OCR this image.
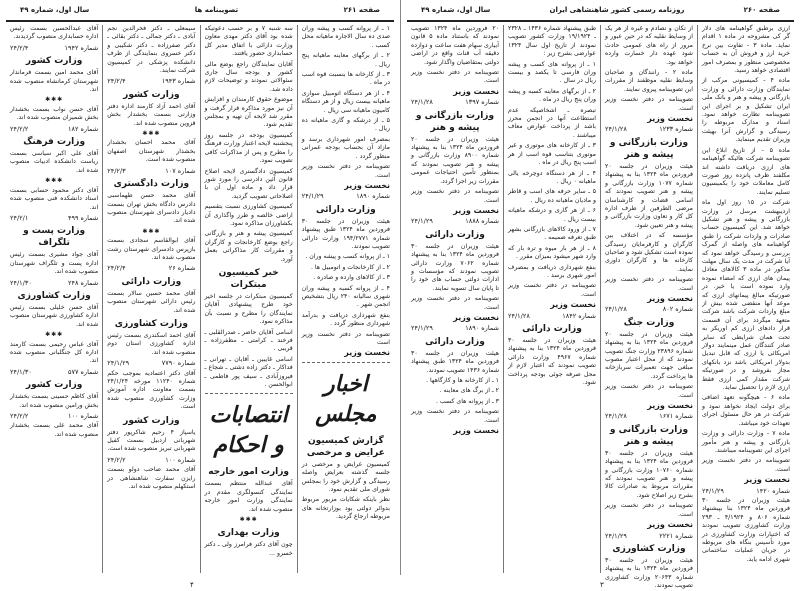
صفحه ۲۶۰
روزنامه رسمی کشور شاهنشاهی ایران
سال اول، شماره ۴۹

ارزی برطبق گواهینامه های دلار گر کی مشروحه در ماده ۱ اقدام نماید. ماده ۳ - تفاوت بین نرخ خرید ارز و فروش آن به حساب مخصوصی منظور و بمصرف امور اقتصادی خواهد رسید.

ماده ۴ - کمیسیونی مرکب از نمایندگان وزارت دارائی و وزارت بازرگانی و پیشه و هنر و بانک ملی ایران تشکیل و بر اجرای این تصویبنامه نظارت خواهد نمود. اسناد و مدارک مربوطه را رسیدگی و گزارش آنرا بهیئت وزیران تقدیم مینماید.

ماده ۵ - از تاریخ ابلاغ این تصویبنامه شرکت هائیکه گواهینامه های ارزی دریافت داشته اند مکلفند ظرف پانزده روز صورت کامل معاملات خود را بکمیسیون تسلیم نمایند.

شرکت در ۱۵ روز اول ماه اردیبهشت مرسل در وزارت بازرگانی و پیشه و هنر تشکیل خواهد شد. این کمیسیون حساب صادرات و واردات شرکت را طبق گواهینامه های واصله از گمرک بررسی و رسیدگی خواهد نمود که آیا شرکت در مدت یک سال مهلت مذکور در ماده ۳ کالاهای معادل پیمان های ارزی که امضاء نموده وارد نموده است یا خیر. در صورتیکه مبالغ پیمانهای ارزی که موعد آنها منقضی شده بیش از مبلغ واردات شرکت باشد شرکت متعهد میگردد برای آن قسمت قرار دادهای ارزی کم اوریکر به تحت همان شرایطی که سایر صادر کنندگان عمل مینمایند دولار امریکائی یا ارزی که قابل تبدیل بدولار امریکائی باشد نزد بانکهای مجاز بفروشد و در صورتیکه شرکت مقدار کمی ارزی فقط ارزی لازم را تحصیل نماید.

ماده ۶ - هیچگونه تعهد اضافی برای دولت ایجاد نخواهد نمود و شرکت در هر حال مسئول اجرای تعهدات خود میباشد.

ماده ۷ - وزارت دارائی و وزارت بازرگانی و پیشه و هنر مأمور اجرای این تصویبنامه میباشند.

تصویبنامه در دفتر نخست وزیر است.

نخست وزیر
شماره ۱۴۲۰
۲۴/۱/۲۹

هیئت وزیران در جلسه ۳۰ فروردین ماه ۱۳۲۴ بنا بپیشنهاد شماره ۸۰۶ و ۴/۱۹۲۴ ـ ۲۹۳ وزارت کشاورزی تصویب نمودند که اختیارات وزارت کشاورزی در مورد تأسیس بنگاه های مربوطه در جریان عملیات ساختمانی شهری ادامه یابد.

از تکان و تصادم و غیره از هر یک از وسایط نقلیه که در حین عبور و مرور از راه های عمومی حادث شود عهده دار خسارت وارده خواهد بود.

ماده ۲ - رانندگان و صاحبان وسایط نقلیه موظفند از مقررات این تصویبنامه پیروی نمایند.

تصویبنامه در دفتر نخست وزیر است.

نخست وزیر
شماره ۱۲۳۳
۲۴/۱/۲۸
وزارت بازرگانی و پیشه و هنر

هیئت وزیران در جلسه ۲۰ فروردین ماه ۱۳۲۴ بنا به پیشنهاد شماره ۱۰۷۷ وزارت بازرگانی و پیشه و هنر تصویب نمودند که اسامی قضات و کارشناسان مرضی الطرفین از طرف اداره کل کار و تعاون وزارت بازرگانی و پیشه و هنر تعیین شود.

مؤسسه که در اختلاف بین کارگران و کارفرمایان رسیدگی نموده است تشکیل شود و صاحبان کارخانه ها و کارگران داوری نمایند.

تصویبنامه در دفتر نخست وزیر است.

نخست وزیر
شماره ۸۰۲
۲۴/۱/۲۸
وزارت جنگ

هیئت وزیران در جلسه ۲۰ فروردین ماه ۱۳۲۴ بنا به پیشنهاد شماره ۲۳۸۹۶ وزارت جنگ تصویب نمودند که از محل اعتبار مصوب مبلغی جهت تعمیرات سربازخانه ها پرداخت گردد.

تصویبنامه در دفتر نخست وزیر است.

نخست وزیر
شماره ۱۶۷۱
۲۴/۱/۲۸
وزارت بازرگانی و پیشه و هنر

هیئت وزیران در جلسه ۳۰ فروردین ماه ۱۳۲۴ بنا به پیشنهاد شماره ۱۰۷۶۰ وزارت بازرگانی و پیشه و هنر تصویب نمودند که مقررات مربوط به صادرات کالا بشرح زیر اصلاح شود.

تصویبنامه در دفتر نخست وزیر است.

نخست وزیر
شماره ۲۲۲۱
۲۴/۱/۲۹
وزارت کشاورزی

هیئت وزیران در جلسه ۳۰ فروردین ماه ۱۳۲۴ بنا به پیشنهاد شماره ۲۰۶۴۳ وزارت کشاورزی تصویب نمودند.

طبق پیشنهاد شماره ۱۴۳۶ ـ ۲۳۲۸ ـ ۱۹/۱۹۲۴ وزارت کشور تصویب نمودند از تاریخ اول سال ۱۳۲۴ عوارضی بشرح زیر :

۱ ـ از پروانه های کسب و پیشه وران فارسی تا یکصد و بیست ریال در سال .

۲ ـ از برگهای معاینه کسبه و پیشه وران پنج ریال در ماه .

تبصره ـ اشخاصیکه عدم استطاعت آنها در انجمن محرز باشد از پرداخت عوارض معاف میباشند .

۳ ـ از کارخانه های موتوری و غیر موتوری بتناسب قوه اسب از هر اسب پنج ریال در ماه .

۴ ـ از هر دستگاه دوچرخه یالی ماهیانه ۰ ریال .

۵ ـ سایر حرفه های اسب و قاطر و مادیان ماهیانه ده ریال .

۶ ـ از هر گاری و درشکه ماهیانه بیست ریال .

۷ ـ از ورود کالاهای بازرگانی بشهر طبق تعرفه ضمیمه .

۸ ـ از هر بار میوه و تره بار که وارد شهر میشود بمیزان مقرر .

بنفع شهرداری دریافت و بمصرف امور شهری برسد .

تصویبنامه در دفتر نخست وزیر است.

نخست وزیر
شماره ۱۸۴۲
۲۴/۱/۲۸
وزارت دارائی

هیئت وزیران در جلسه ۳۰ فروردین ماه ۱۳۲۴ بنا به پیشنهاد شماره ۴۹۶۷ وزارت دارائی تصویب نمودند که اعتبار لازم از محل صرفه جوئی بودجه پرداخت شود.

۲۰ فروردین ماه ۱۳۲۴ تصویب نمودند که باستناد ماده ۵ قانون آبیاری سهام هفت ساعت و دوازده دقیقه آب قنات واقع در اراضی دولتی بمتقاضیان واگذار شود.

تصویبنامه در دفتر نخست وزیر است.

نخست وزیر
شماره ۱۳۹۷
۲۴/۱/۲۸
وزارت بازرگانی و پیشه و هنر

هیئت وزیران در جلسه ۲۰ فروردین ماه ۱۳۲۴ بنا به پیشنهاد شماره ۸۹۰۰ وزارت بازرگانی و پیشه و هنر تصویب نمودند که بمنظور تأمین احتیاجات عمومی مقررات زیر اجرا گردد.

تصویبنامه در دفتر نخست وزیر است.

نخست وزیر
شماره ۱۸۸۸
۲۴/۱/۲۹
وزارت دارائی

هیئت وزیران در جلسه ۳۰ فروردین ماه ۱۳۲۴ بنا به پیشنهاد شماره ۷۰۶۲ وزارت دارائی تصویب نمودند که مؤسسات و ادارات دولتی حساب های خود را تا پایان سال تسویه نمایند.

تصویبنامه در دفتر نخست وزیر است.

نخست وزیر
شماره ۱۸۹۰
۲۴/۱/۲۹
وزارت دارائی

هیئت وزیران در جلسه ۳۰ فروردین ماه ۱۳۲۴ طبق پیشنهاد شماره ۱۴۳۶ تصویب نمودند.

۱ ـ از کارخانه ها و کارگاهها .

۲ ـ از برگ های معاینه .

۳ ـ از پروانه های کسب .

تصویبنامه در دفتر نخست وزیر است.

نخست وزیر
صفحه ۲۶۱
تصویبنامه ها
سال اول، شماره ۴۹

۱ ـ از پروانه کسب و پیشه وران صدی ده سال الاجاره ماهیانه محل کسب .

۲ ـ از برگهای معاینه ماهیانه پنج ریال .

۳ ـ از کارخانه ها بنسبت قوه اسب در ماه .

۴ ـ از هر دستگاه اتومبیل سواری ماهیانه بیست ریال و از هر دستگاه کامیون ماهیانه سی ریال .

۵ ـ از درشکه و گاری ماهیانه ده ریال .

بمصرف امور شهرداری برسد و مازاد آن بحساب بودجه عمرانی منظور گردد .

تصویبنامه در دفتر نخست وزیر است.

نخست وزیر
شماره ۱۸۹۰
۲۴/۱/۲۹
وزارت دارائی

هیئت وزیران در جلسه ۳۰ فروردین ماه ۱۳۲۴ طبق پیشنهاد شماره ۱۹۴/۲۷۷۱ وزارت دارائی تصویب نمودند.

۱ ـ از پروانه کسب و پیشه وران .

۲ ـ از کارخانجات و اتومبیل ها .

۳ ـ از کالاهای وارده و صادره .

۴ ـ از پروانه کسبه و پیشه وران شهری سالیانه ۲۴۰ ریال بتشخیص انجمن شهر .

بنفع شهرداری دریافت و بدرآمد شهرداری منظور گردد .

تصویبنامه در دفتر نخست وزیر است

نخست وزیر
اخبار مجلس
گزارش کمیسیون عرایض و مرخصی

کمیسیون عرایض و مرخصی در جلسه گذشته بعرایض واصله رسیدگی و گزارش خود را بمجلس شورای ملی تقدیم نمود.

نظر باینکه شکایات مزبور مربوط بدوائر دولتی بود بوزارتخانه های مربوطه ارجاع گردید.

سه شنبه ۷ و بر حسب دعوتیکه شده بود آقای دکتر مهدی معاون وزارت دارائی با اتفاق مدیر کل حسابداری حضور یافتند.

آقایان نمایندگان راجع بوضع مالی کشور و بودجه سال جاری سئوالاتی نمودند و توضیحات لازم داده شد.

موضوع حقوق کارمندان و افزایش آن نیز مورد مذاکره قرار گرفت و مقرر شد لایحه آن تهیه و بمجلس تقدیم شود.

کمیسیون بودجه در جلسه روز پنجشنبه لایحه اعتبار وزارت فرهنگ را مطرح و پس از مذاکرات کافی تصویب نمود.

کمیسیون دادگستری لایحه اصلاح قانون آئین دادرسی را مورد شور قرار داد و ماده اول آن با اصلاحاتی تصویب گردید.

کمیسیون کشاورزی نسبت بتقسیم اراضی خالصه و طرز واگذاری آن بکشاورزان مذاکره نمود.

کمیسیون پیشه و هنر و بازرگانی راجع بوضع کارخانجات و کارگران و مقررات کار مذاکراتی بعمل آورد.

خبر کمیسیون مبتکرات

کمیسیون مبتکرات در جلسه اخیر خود طرح پیشنهادی آقایان نمایندگان را مطرح و نسبت بآن مذاکره نمود.

اسامی آقایان حاضر ـ صدرالقلبی ـ فرخند ـ کرامتی ـ مظفرزاده ـ قریبی .

اسامی غایبین ـ آقایان ـ تهرانی ـ فداکار ـ دکتر زاده دشتی ـ شجاع ـ فیروزآبادی ـ سیف پور فاطمی ـ ابوالحسن .

انتصابات و احکام
وزارت امور خارجه

آقای عبدالله منتظم بسمت نمایندگی کنسولگری مقدم در نمایندگی وزارت امور خارجه منصوب شده اند.

✱✱✱
وزارت بهداری

چون آقای دکتر فرامرز ولی ـ دکتر خسرو ...

سیمعلی ـ دکتر فخرالدین نجم آبادی ـ دکتر جمالی ـ دکتر بقائی ـ دکتر صفرزاده ـ دکتر شکیبی و دکتر خسروی بنمایندگی از طرف دانشکده پزشکی در کمیسیون شرکت نمایند.

شماره ۱۹۴۳
۲۴/۲/۴
وزارت کشور

آقای احمد آزاد کارمند اداره دفتر وزارتی بسمت بخشدار بخش قزوین منصوب شده اند.

✱✱✱

آقای محمد احسان بخشدار بخشدار شهرستان اصفهان منصوب شده است.

شماره ۱۰۷
۲۴/۲/۳
وزارت دادگستری

آقای محمد حسن طهماسبی دادرس دادگاه بخش تهران بسمت دادیار دادسرای شهرستان منصوب شده اند.

✱✱✱

آقای ابوالقاسم سجادی بسمت بازپرس دادسرای شهرستان رشت منصوب شده اند.

شماره ۲۶
۲۴/۲/۴
وزارت دارائی

آقای محمد حسین سالار بسمت رئیس دارائی شهرستان منصوب شده اند.

وزارت کشاورزی

آقای احمد اسکندری بسمت رئیس اداره کشاورزی استان دوم منصوب شده اند.

شماره ۷۷۹۰
۲۴/۱/۲۹

آقای دکتر اعتمادیه بموجب حکم شماره ۱۱۲۴۰ مورخه ۲۴/۱/۲۴ بسمت معاونت اداره آموزش وزارت کشاورزی منصوب شده است.

وزارت کشور

یاسپاز ۴ رحیم شاکرپور دفتر شهربانی اردبیل بسمت کفیل شهربانی تبریز منصوب شده است.

شماره ۱۰۰
۲۴/۲/۲

آقای محمد صاحب دولو بسمت رایزن سفارت شاهنشاهی در استکهلم منصوب شده اند.

آقای عبدالحسین بسمت رئیس اداره حسابداری منصوب گردیدند.

شماره ۱۹۴۲
۲۴/۲/۴
وزارت کشور

آقای محمد امین بسمت فرماندار شهرستان کرمانشاه منصوب شده اند.

✱✱✱

آقای حسن نواب بسمت بخشدار بخش شمیران منصوب شده اند.

شماره ۱۸۲
۲۴/۲/۲
وزارت فرهنگ

آقای علی اکبر سیاسی بسمت ریاست دانشکده ادبیات منصوب شده اند.

✱✱✱

آقای دکتر محمود حسابی بسمت استاد دانشکده فنی منصوب شده اند.

شماره ۴۹۹
۲۴/۲/۱
وزارت پست و تلگراف

آقای جواد مشیری بسمت رئیس اداره پست و تلگراف شهرستان منصوب شده اند.

شماره ۲۴۸
۲۴/۱/۳۰
وزارت کشاورزی

آقای حسن خلیلی بسمت رئیس اداره کشاورزی شهرستان منصوب شده اند.

✱✱✱

آقای عباس رحیمی بسمت کارمند اداره کل جنگلبانی منصوب شده اند.

شماره ۵۷۷
۲۴/۱/۳۰
وزارت کشور

آقای کاظم حسینی بسمت بخشدار بخش ورامین منصوب شده اند.

شماره ۱۰۰
۲۴/۲/۲

آقای محمد علی بسمت بخشدار منصوب شده اند.

۳
۴
